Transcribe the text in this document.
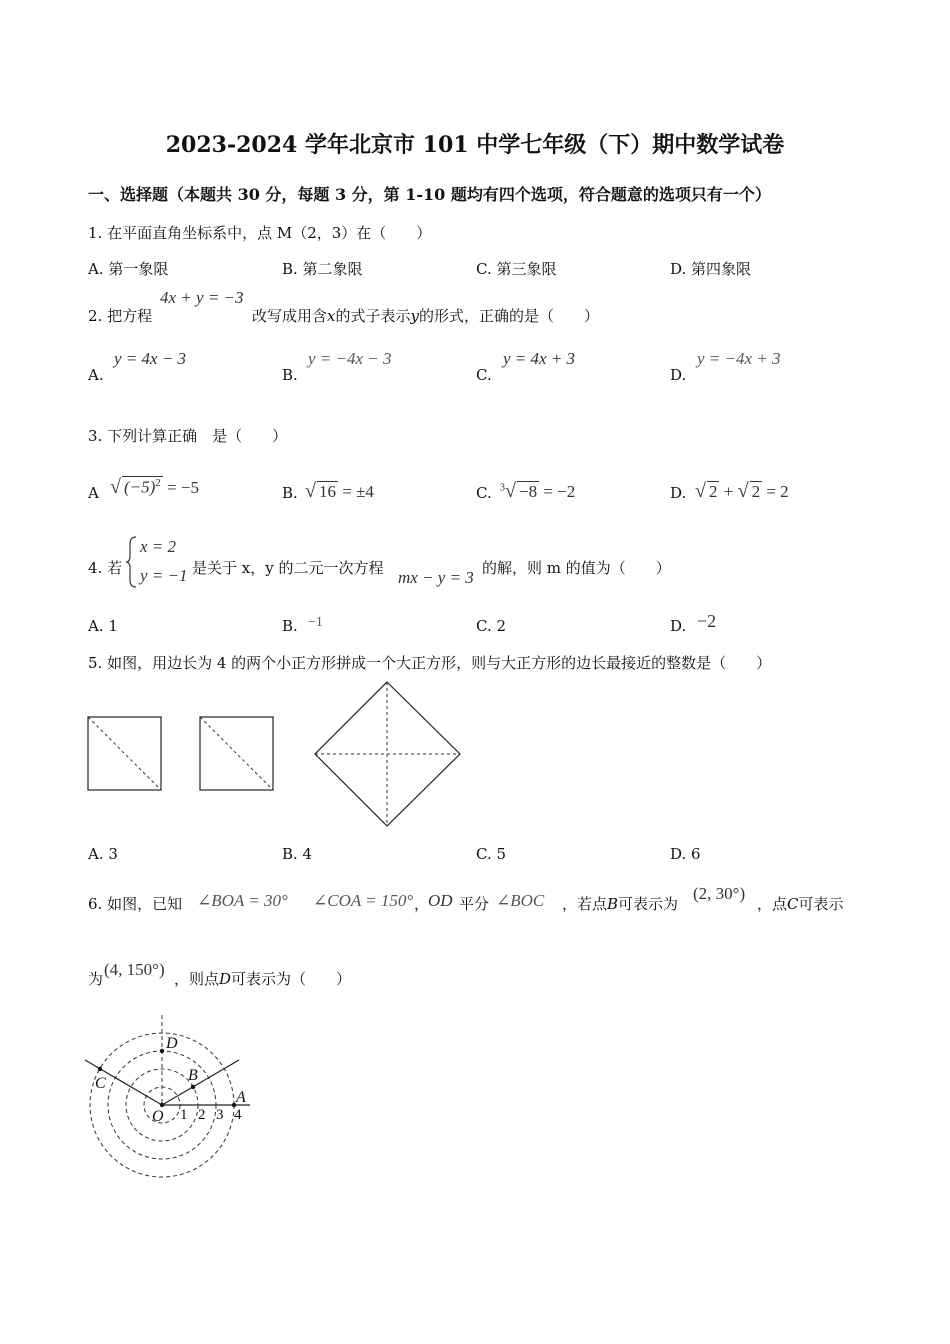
2023-2024 学年北京市 101 中学七年级（下）期中数学试卷
一、选择题（本题共 30 分，每题 3 分，第 1-10 题均有四个选项，符合题意的选项只有一个）
1. 在平面直角坐标系中，点 M（2，3）在（　　）
A. 第一象限	B. 第二象限	C. 第三象限	D. 第四象限
2. 把方程
4x + y = −3
改写成用含x的式子表示y的形式，正确的是（　　）
A.
y = 4x − 3
B.
y = −4x − 3
C.
y = 4x + 3
D.
y = −4x + 3
3. 下列计算正确　是（　　）
A √ $(-5)^2 = -5$	B. √ 16 = ±4	C. $^3$√ −8 = −2	D. √ 2 + √ 2 = 2
4. 若
x = 2
y = −1 是关于 x，y 的二元一次方程 mx − y = 3 的解，则 m 的值为（　　）
A. 1	B. −1	C. 2	D. −2
5. 如图，用边长为 4 的两个小正方形拼成一个大正方形，则与大正方形的边长最接近的整数是（　　）
A. 3	B. 4	C. 5	D. 6
6. 如图，已知 ∠BOA = 30° ∠COA = 150° ，
OD 平分 ∠BOC ，若点B可表示为
(2, 30°)
，点C可表示
为 (4, 150°) ，则点D可表示为（　　）
D
C	B
A
O 1 2 3 4
